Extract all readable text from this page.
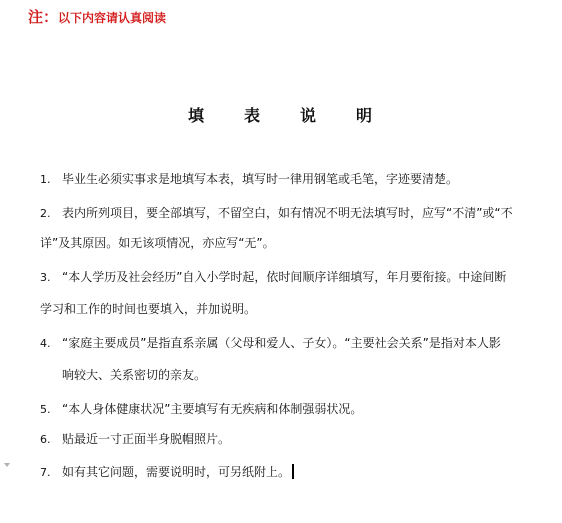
注：以下内容请认真阅读
填 表 说 明
1. 毕业生必须实事求是地填写本表，填写时一律用钢笔或毛笔，字迹要清楚。
2. 表内所列项目，要全部填写，不留空白，如有情况不明无法填写时，应写“不清”或“不
详”及其原因。如无该项情况，亦应写“无”。
3. “本人学历及社会经历”自入小学时起，依时间顺序详细填写，年月要衔接。中途间断
学习和工作的时间也要填入，并加说明。
4. “家庭主要成员”是指直系亲属（父母和爱人、子女）。“主要社会关系”是指对本人影
响较大、关系密切的亲友。
5. “本人身体健康状况”主要填写有无疾病和体制强弱状况。
6. 贴最近一寸正面半身脱帽照片。
7. 如有其它问题，需要说明时，可另纸附上。
